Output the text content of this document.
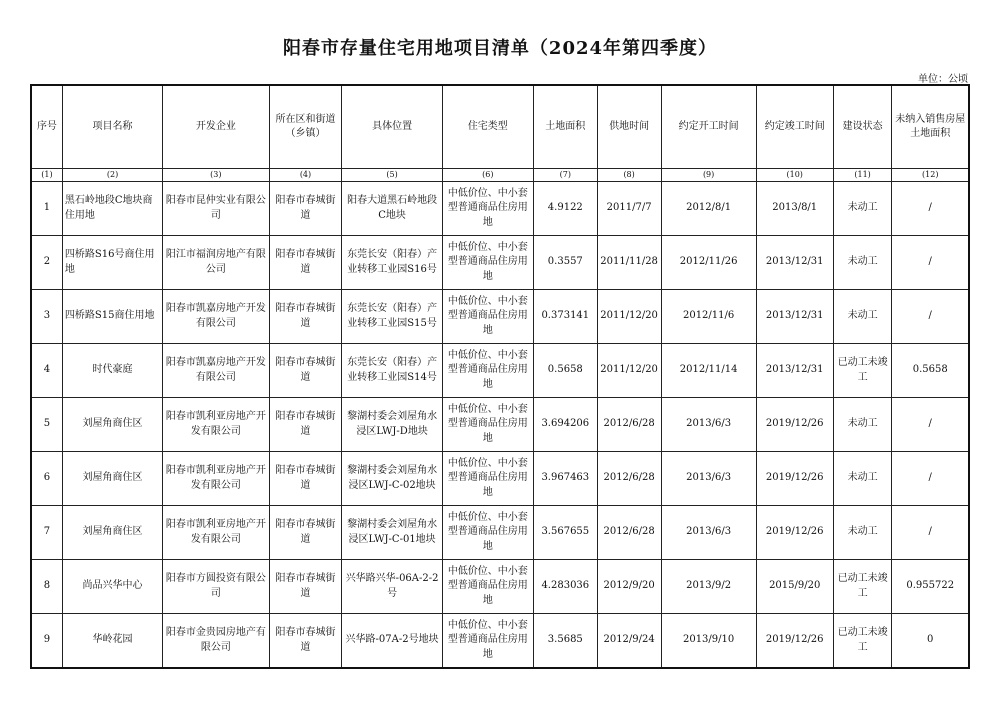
阳春市存量住宅用地项目清单（2024年第四季度）
单位：公顷
序号	项目名称	开发企业	所在区和街道（乡镇）	具体位置	住宅类型	土地面积	供地时间	约定开工时间	约定竣工时间	建设状态	未纳入销售房屋土地面积
(1)	(2)	(3)	(4)	(5)	(6)	(7)	(8)	(9)	(10)	(11)	(12)
1	黑石岭地段C地块商住用地	阳春市昆仲实业有限公司	阳春市春城街道	阳春大道黑石岭地段C地块	中低价位、中小套型普通商品住房用地	4.9122	2011/7/7	2012/8/1	2013/8/1	未动工	/
2	四桥路S16号商住用地	阳江市福润房地产有限公司	阳春市春城街道	东莞长安（阳春）产业转移工业园S16号	中低价位、中小套型普通商品住房用地	0.3557	2011/11/28	2012/11/26	2013/12/31	未动工	/
3	四桥路S15商住用地	阳春市凯嘉房地产开发有限公司	阳春市春城街道	东莞长安（阳春）产业转移工业园S15号	中低价位、中小套型普通商品住房用地	0.373141	2011/12/20	2012/11/6	2013/12/31	未动工	/
4	时代豪庭	阳春市凯嘉房地产开发有限公司	阳春市春城街道	东莞长安（阳春）产业转移工业园S14号	中低价位、中小套型普通商品住房用地	0.5658	2011/12/20	2012/11/14	2013/12/31	已动工未竣工	0.5658
5	刘屋角商住区	阳春市凯利亚房地产开发有限公司	阳春市春城街道	黎湖村委会刘屋角水浸区LWJ-D地块	中低价位、中小套型普通商品住房用地	3.694206	2012/6/28	2013/6/3	2019/12/26	未动工	/
6	刘屋角商住区	阳春市凯利亚房地产开发有限公司	阳春市春城街道	黎湖村委会刘屋角水浸区LWJ-C-02地块	中低价位、中小套型普通商品住房用地	3.967463	2012/6/28	2013/6/3	2019/12/26	未动工	/
7	刘屋角商住区	阳春市凯利亚房地产开发有限公司	阳春市春城街道	黎湖村委会刘屋角水浸区LWJ-C-01地块	中低价位、中小套型普通商品住房用地	3.567655	2012/6/28	2013/6/3	2019/12/26	未动工	/
8	尚品兴华中心	阳春市方圆投资有限公司	阳春市春城街道	兴华路兴华-06A-2-2号	中低价位、中小套型普通商品住房用地	4.283036	2012/9/20	2013/9/2	2015/9/20	已动工未竣工	0.955722
9	华岭花园	阳春市金贵园房地产有限公司	阳春市春城街道	兴华路-07A-2号地块	中低价位、中小套型普通商品住房用地	3.5685	2012/9/24	2013/9/10	2019/12/26	已动工未竣工	0
